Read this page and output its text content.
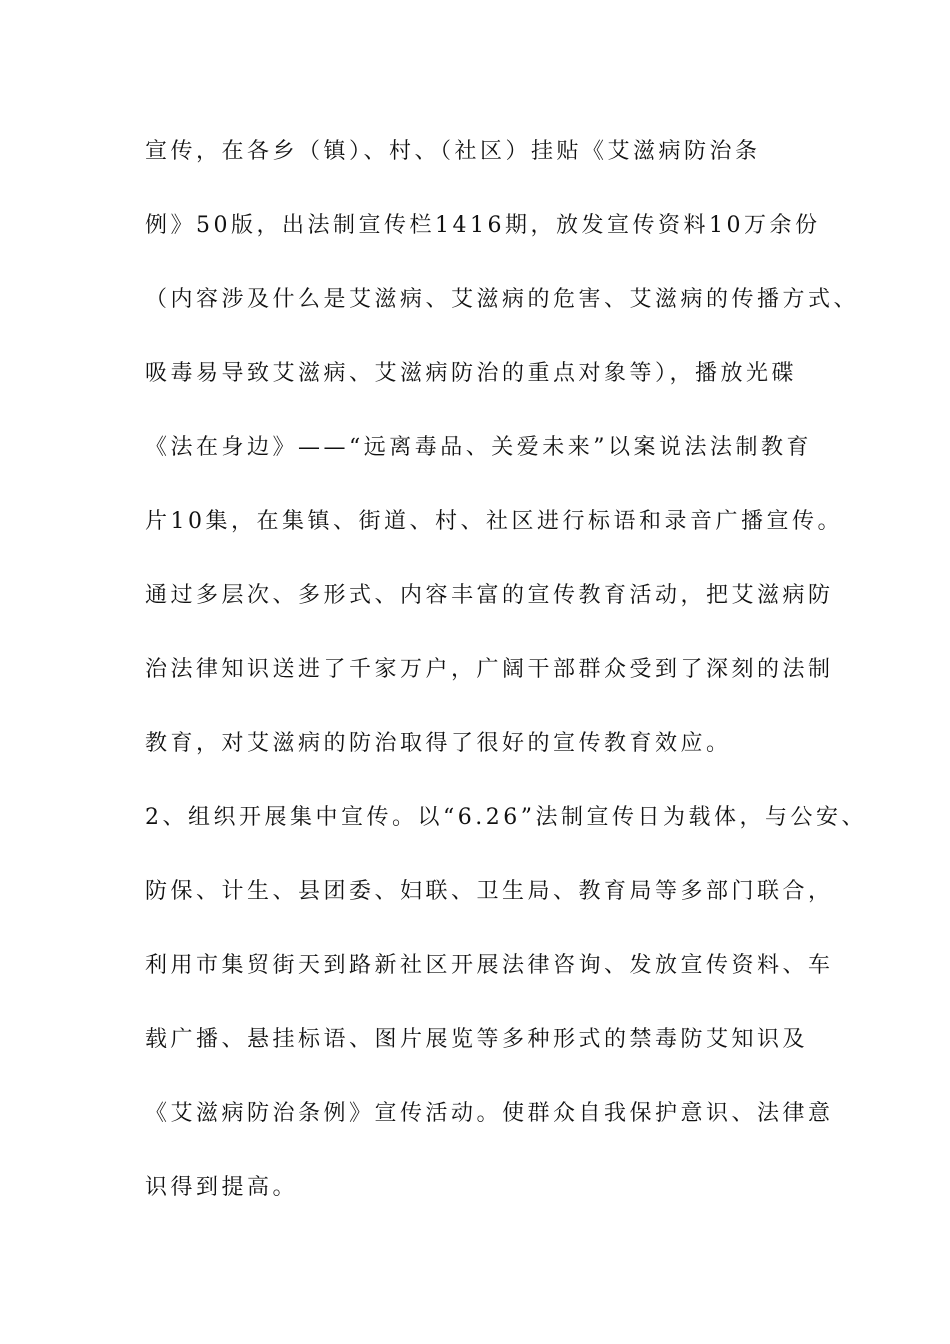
宣传，在各乡（镇）、村、（社区）挂贴《艾滋病防治条
例》50版，出法制宣传栏1416期，放发宣传资料10万余份
（内容涉及什么是艾滋病、艾滋病的危害、艾滋病的传播方式、
吸毒易导致艾滋病、艾滋病防治的重点对象等），播放光碟
《法在身边》——“远离毒品、关爱未来”以案说法法制教育
片10集，在集镇、街道、村、社区进行标语和录音广播宣传。
通过多层次、多形式、内容丰富的宣传教育活动，把艾滋病防
治法律知识送进了千家万户，广阔干部群众受到了深刻的法制
教育，对艾滋病的防治取得了很好的宣传教育效应。
2、组织开展集中宣传。以“6.26”法制宣传日为载体，与公安、
防保、计生、县团委、妇联、卫生局、教育局等多部门联合，
利用市集贸街天到路新社区开展法律咨询、发放宣传资料、车
载广播、悬挂标语、图片展览等多种形式的禁毒防艾知识及
《艾滋病防治条例》宣传活动。使群众自我保护意识、法律意
识得到提高。
